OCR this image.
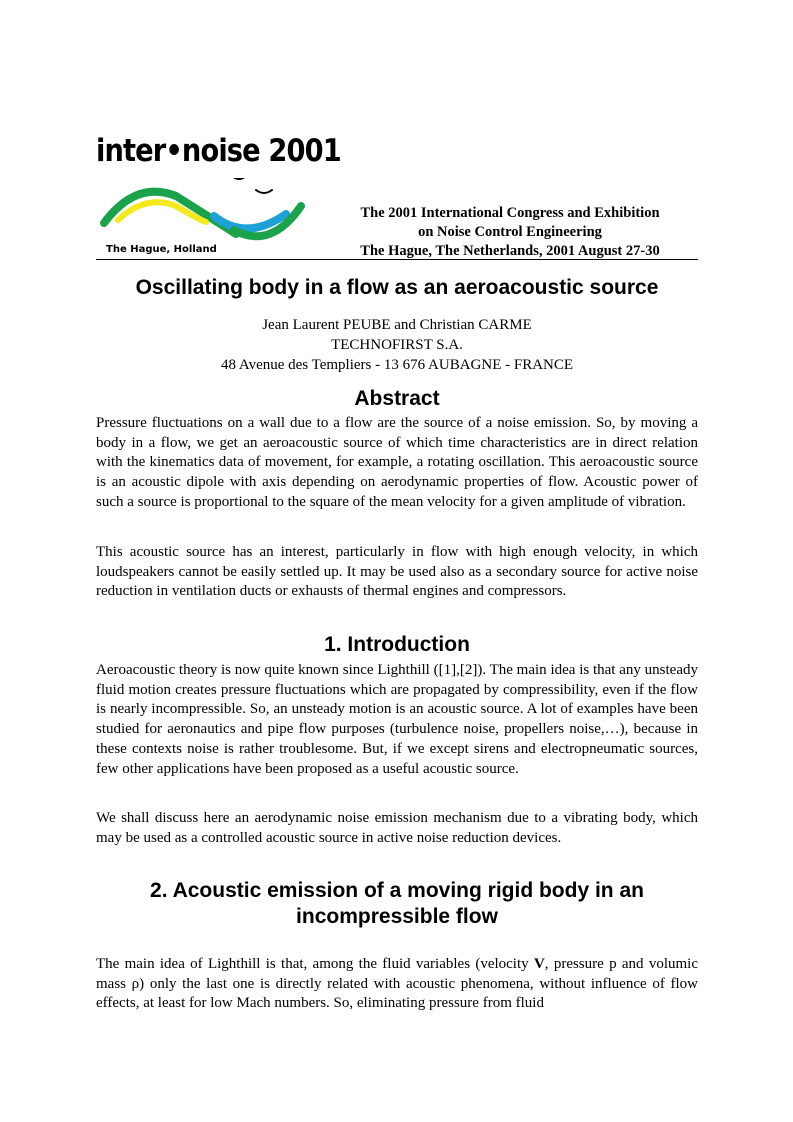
inter•noise 2001
The Hague, Holland
The 2001 International Congress and Exhibition
on Noise Control Engineering
The Hague, The Netherlands, 2001 August 27-30
Oscillating body in a flow as an aeroacoustic source
Jean Laurent PEUBE and Christian CARME
TECHNOFIRST S.A.
48 Avenue des Templiers - 13 676 AUBAGNE - FRANCE
Abstract

Pressure fluctuations on a wall due to a flow are the source of a noise emission. So, by moving a body in a flow, we get an aeroacoustic source of which time characteristics are in direct relation with the kinematics data of movement, for example, a rotating oscillation. This aeroacoustic source is an acoustic dipole with axis depending on aerodynamic properties of flow. Acoustic power of such a source is proportional to the square of the mean velocity for a given amplitude of vibration.

This acoustic source has an interest, particularly in flow with high enough velocity, in which loudspeakers cannot be easily settled up. It may be used also as a secondary source for active noise reduction in ventilation ducts or exhausts of thermal engines and compressors.

1. Introduction

Aeroacoustic theory is now quite known since Lighthill ([1],[2]). The main idea is that any unsteady fluid motion creates pressure fluctuations which are propagated by compressibility, even if the flow is nearly incompressible. So, an unsteady motion is an acoustic source. A lot of examples have been studied for aeronautics and pipe flow purposes (turbulence noise, propellers noise,…), because in these contexts noise is rather troublesome. But, if we except sirens and electropneumatic sources, few other applications have been proposed as a useful acoustic source.

We shall discuss here an aerodynamic noise emission mechanism due to a vibrating body, which may be used as a controlled acoustic source in active noise reduction devices.

2. Acoustic emission of a moving rigid body in an
incompressible flow

The main idea of Lighthill is that, among the fluid variables (velocity V, pressure p and volumic mass ρ) only the last one is directly related with acoustic phenomena, without influence of flow effects, at least for low Mach numbers. So, eliminating pressure from fluid
